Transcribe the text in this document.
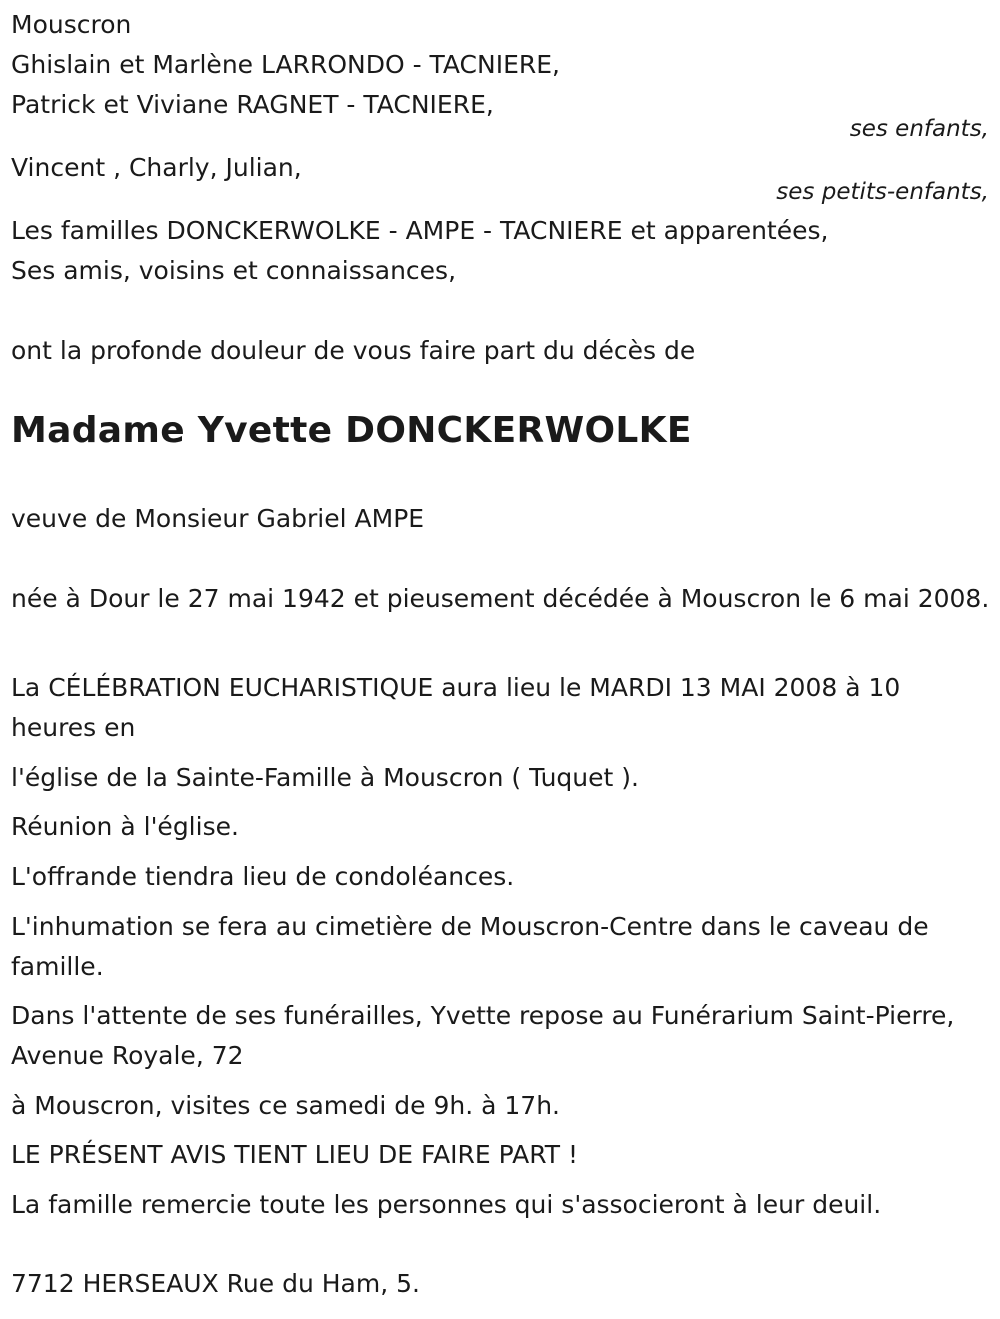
Mouscron
Ghislain et Marlène LARRONDO - TACNIERE,
Patrick et Viviane RAGNET - TACNIERE,
ses enfants,
Vincent , Charly, Julian,
ses petits-enfants,
Les familles DONCKERWOLKE - AMPE - TACNIERE et apparentées,
Ses amis, voisins et connaissances,
ont la profonde douleur de vous faire part du décès de
Madame Yvette DONCKERWOLKE
veuve de Monsieur Gabriel AMPE
née à Dour le 27 mai 1942 et pieusement décédée à Mouscron le 6 mai 2008.
La CÉLÉBRATION EUCHARISTIQUE aura lieu le MARDI 13 MAI 2008 à 10 heures en
l'église de la Sainte-Famille à Mouscron ( Tuquet ).
Réunion à l'église.
L'offrande tiendra lieu de condoléances.
L'inhumation se fera au cimetière de Mouscron-Centre dans le caveau de famille.
Dans l'attente de ses funérailles, Yvette repose au Funérarium Saint-Pierre, Avenue Royale, 72
à Mouscron, visites ce samedi de 9h. à 17h.
LE PRÉSENT AVIS TIENT LIEU DE FAIRE PART !
La famille remercie toute les personnes qui s'associeront à leur deuil.
7712 HERSEAUX Rue du Ham, 5.
